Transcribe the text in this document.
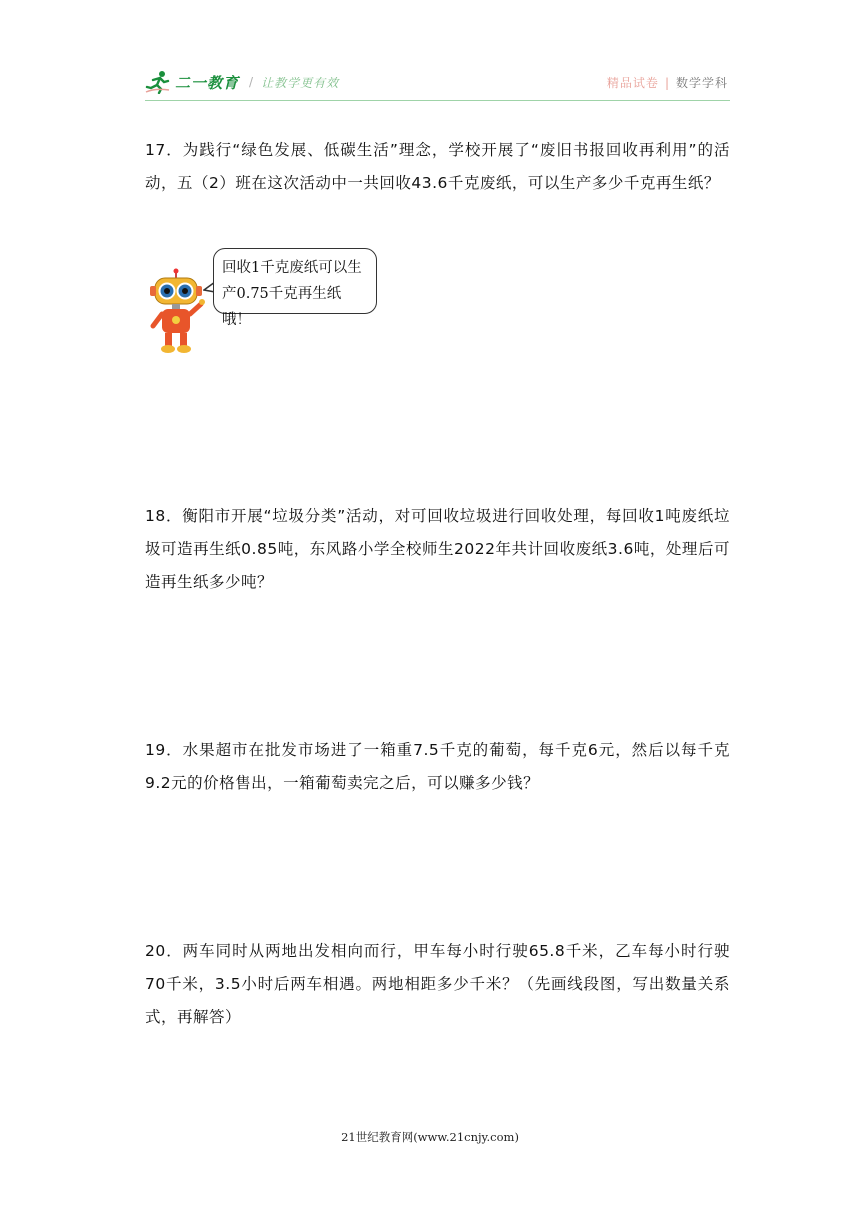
二一教育 / 让教学更有效	精品试卷 | 数学学科
17．为践行“绿色发展、低碳生活”理念，学校开展了“废旧书报回收再利用”的活动，五（2）班在这次活动中一共回收43.6千克废纸，可以生产多少千克再生纸？
回收1千克废纸可以生
产0.75千克再生纸哦！
18．衡阳市开展“垃圾分类”活动，对可回收垃圾进行回收处理，每回收1吨废纸垃圾可造再生纸0.85吨，东风路小学全校师生2022年共计回收废纸3.6吨，处理后可造再生纸多少吨？
19．水果超市在批发市场进了一箱重7.5千克的葡萄，每千克6元，然后以每千克9.2元的价格售出，一箱葡萄卖完之后，可以赚多少钱？
20．两车同时从两地出发相向而行，甲车每小时行驶65.8千米，乙车每小时行驶70千米，3.5小时后两车相遇。两地相距多少千米？（先画线段图，写出数量关系式，再解答）
21世纪教育网(www.21cnjy.com)
